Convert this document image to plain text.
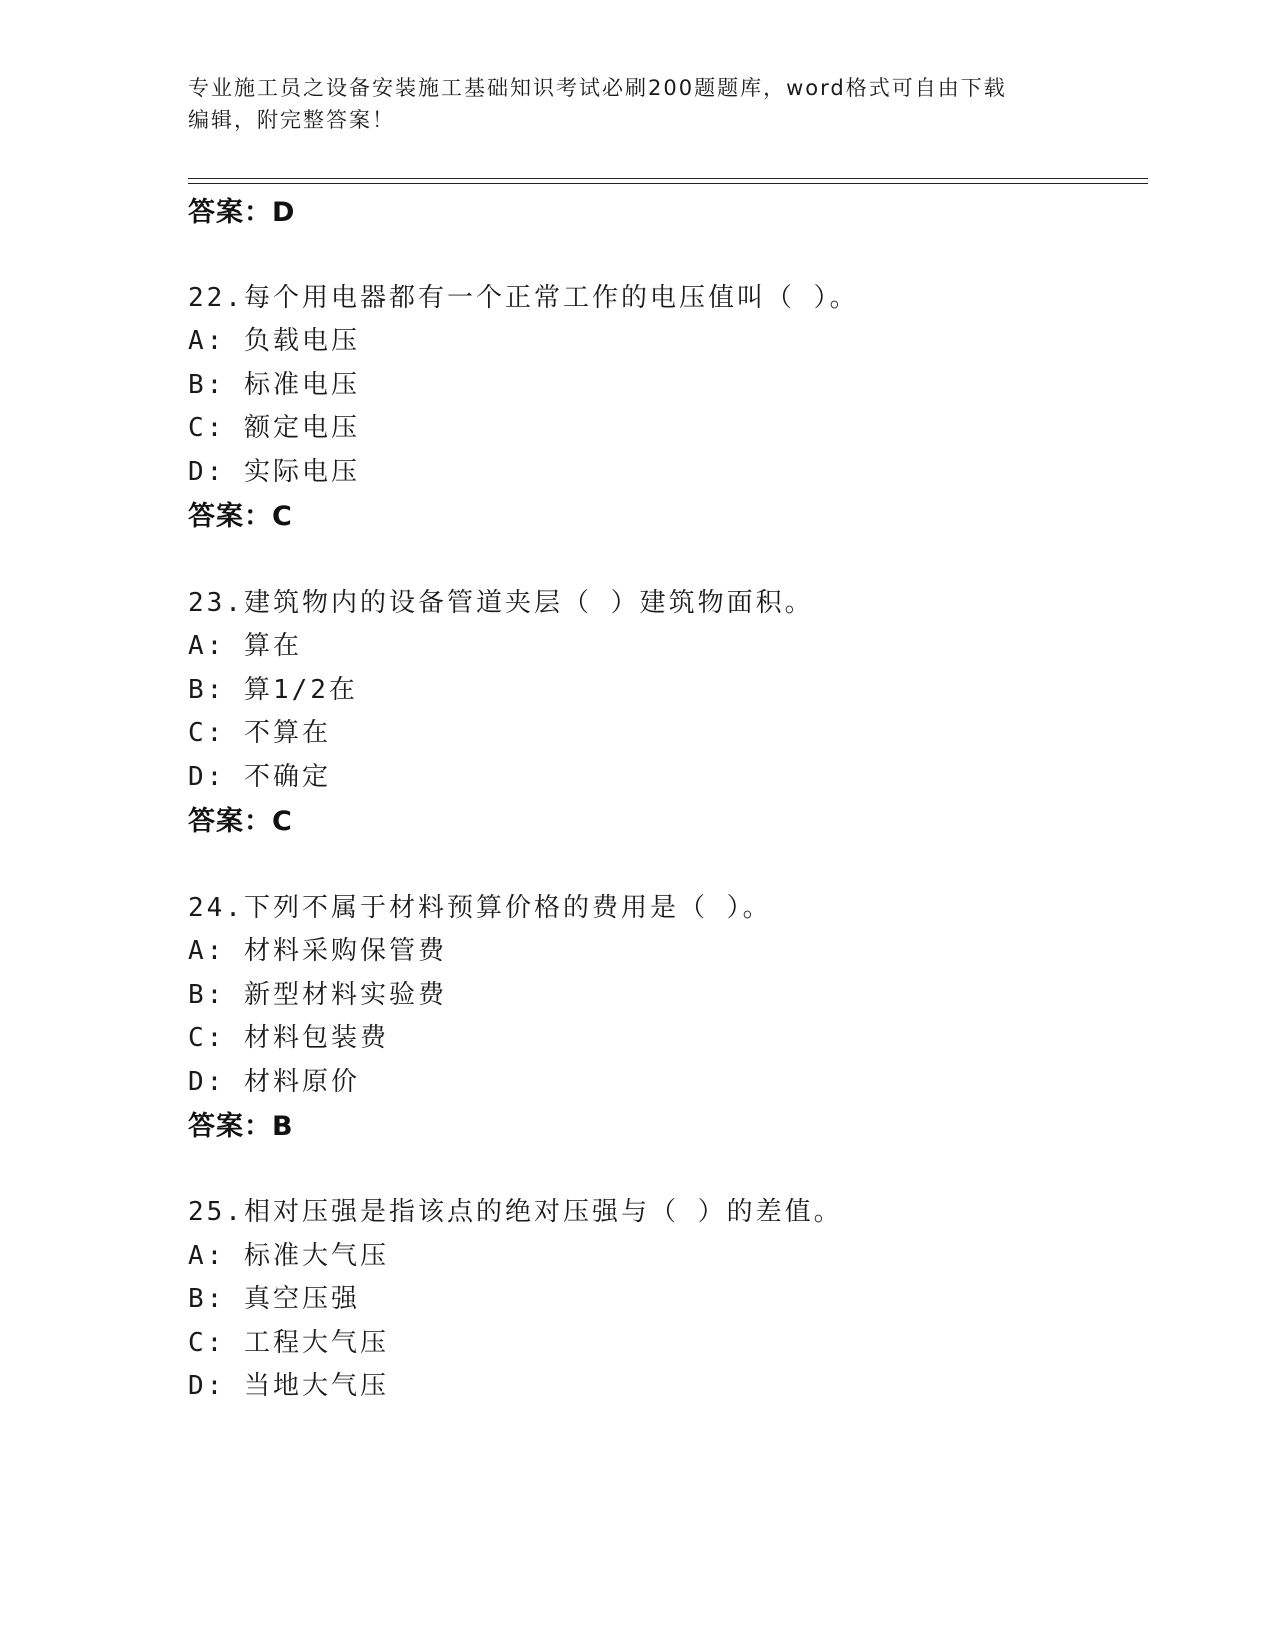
专业施工员之设备安装施工基础知识考试必刷200题题库，word格式可自由下载
编辑，附完整答案！
答案：D
22.每个用电器都有一个正常工作的电压值叫（ ）。
A: 负载电压
B: 标准电压
C: 额定电压
D: 实际电压
答案：C
23.建筑物内的设备管道夹层（ ）建筑物面积。
A: 算在
B: 算1/2在
C: 不算在
D: 不确定
答案：C
24.下列不属于材料预算价格的费用是（ ）。
A: 材料采购保管费
B: 新型材料实验费
C: 材料包装费
D: 材料原价
答案：B
25.相对压强是指该点的绝对压强与（ ）的差值。
A: 标准大气压
B: 真空压强
C: 工程大气压
D: 当地大气压
